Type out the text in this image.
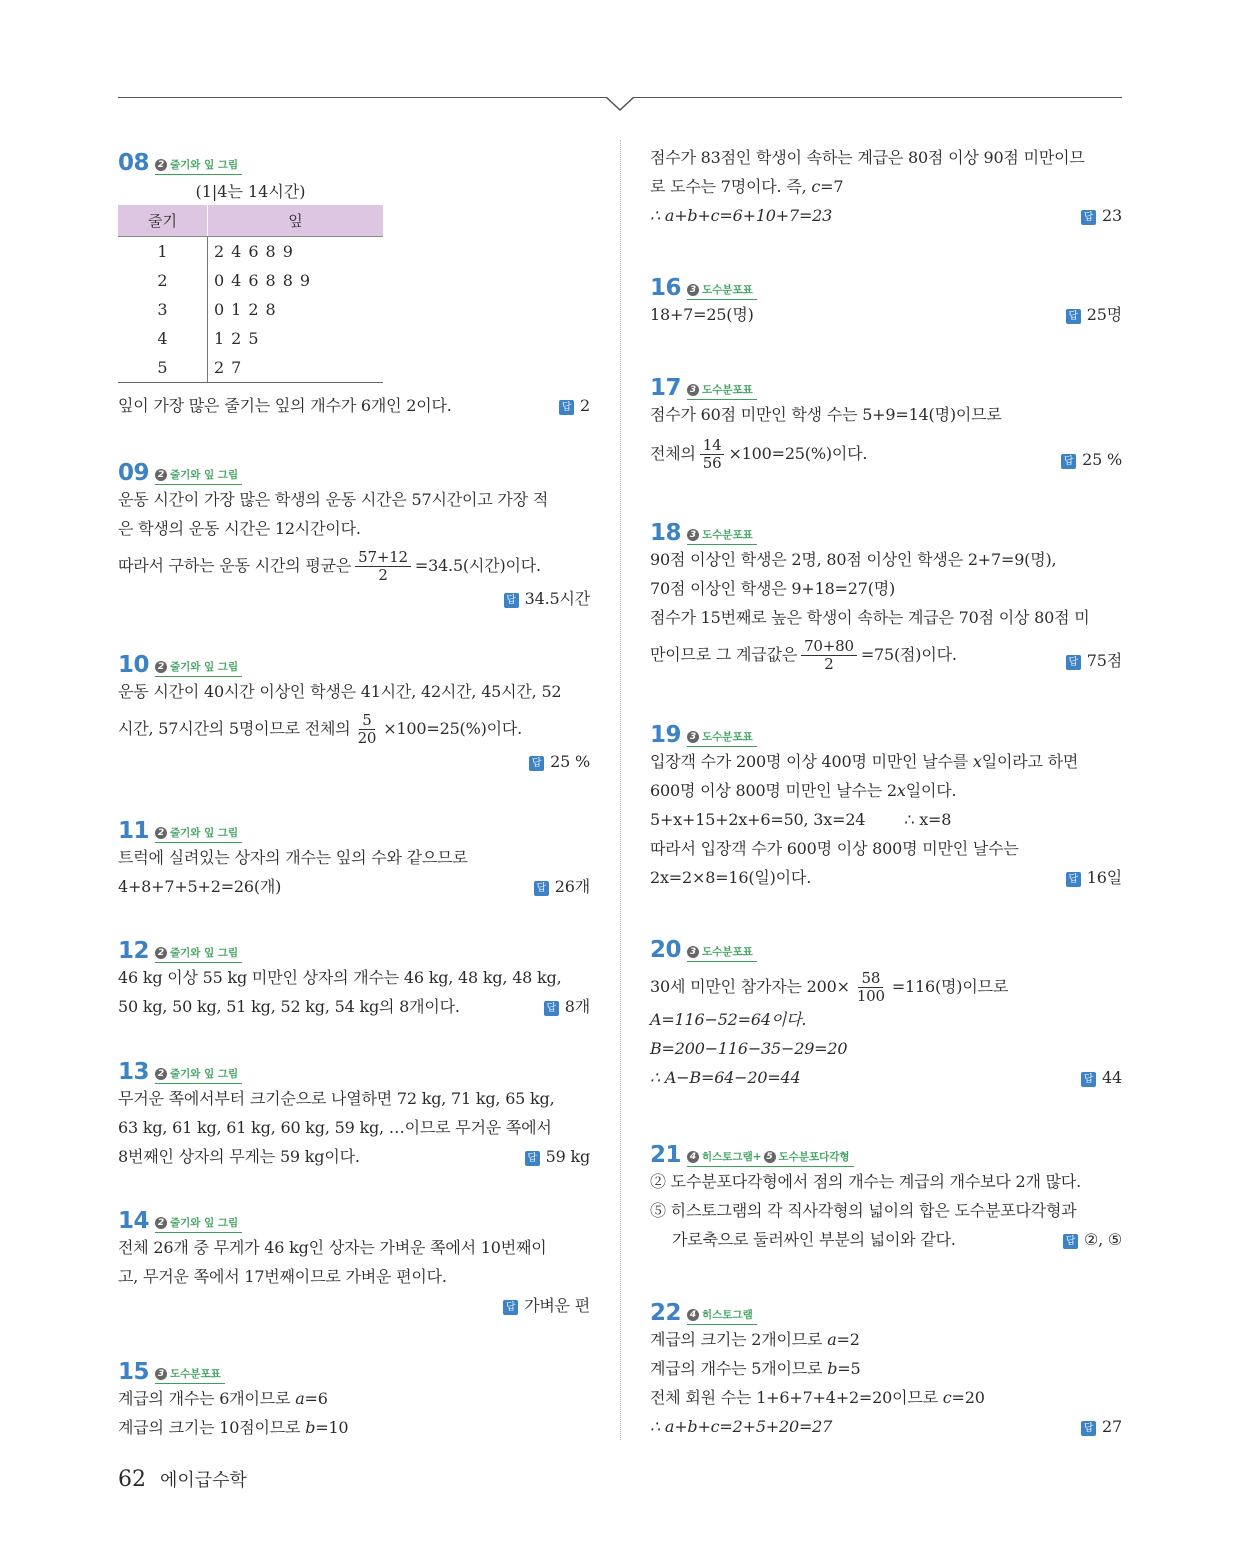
08 2 줄기와 잎 그림
(1|4는 14시간)
줄기	잎
1	24689
2	046889
3	0128
4	125
5	27
잎이 가장 많은 줄기는 잎의 개수가 6개인 2이다.	답 2
09 2 줄기와 잎 그림
운동 시간이 가장 많은 학생의 운동 시간은 57시간이고 가장 적
은 학생의 운동 시간은 12시간이다.
따라서 구하는 운동 시간의 평균은 $\frac{57+12}{2} =34.5$(시간)이다.
답 34.5시간
10 2 줄기와 잎 그림
운동 시간이 40시간 이상인 학생은 41시간, 42시간, 45시간, 52
시간, 57시간의 5명이므로 전체의 $\frac{5}{20} \times 100=25(\%)$이다.
답 25 %
11 2 줄기와 잎 그림
트럭에 실려있는 상자의 개수는 잎의 수와 같으므로
4+8+7+5+2=26(개)	답 26개
12 2 줄기와 잎 그림
46 kg 이상 55 kg 미만인 상자의 개수는 46 kg, 48 kg, 48 kg,
50 kg, 50 kg, 51 kg, 52 kg, 54 kg의 8개이다.	답 8개
13 2 줄기와 잎 그림
무거운 쪽에서부터 크기순으로 나열하면 72 kg, 71 kg, 65 kg,
63 kg, 61 kg, 61 kg, 60 kg, 59 kg, …이므로 무거운 쪽에서
8번째인 상자의 무게는 59 kg이다.	답 59 kg
14 2 줄기와 잎 그림
전체 26개 중 무게가 46 kg인 상자는 가벼운 쪽에서 10번째이
고, 무거운 쪽에서 17번째이므로 가벼운 편이다.
답 가벼운 편
15 3 도수분포표
계급의 개수는 6개이므로 a=6
계급의 크기는 10점이므로 b=10
점수가 83점인 학생이 속하는 계급은 80점 이상 90점 미만이므
로 도수는 7명이다. 즉, c=7
∴ a+b+c=6+10+7=23	답 23
16 3 도수분포표
18+7=25(명)	답 25명
17 3 도수분포표
점수가 60점 미만인 학생 수는 5+9=14(명)이므로
전체의 $\frac{14}{56} \times 100=25(\%)$이다.	답 25 %
18 3 도수분포표
90점 이상인 학생은 2명, 80점 이상인 학생은 2+7=9(명),
70점 이상인 학생은 9+18=27(명)
점수가 15번째로 높은 학생이 속하는 계급은 70점 이상 80점 미
만이므로 그 계급값은 $\frac{70+80}{2} =75$(점)이다.	답 75점
19 3 도수분포표
입장객 수가 200명 이상 400명 미만인 날수를 x일이라고 하면
600명 이상 800명 미만인 날수는 2x일이다.
5+x+15+2x+6=50, 3x=24        ∴ x=8
따라서 입장객 수가 600명 이상 800명 미만인 날수는
2x=2×8=16(일)이다.	답 16일
20 3 도수분포표
30세 미만인 참가자는 $200\times \frac{58}{100} =116$(명)이므로
A=116−52=64이다.
B=200−116−35−29=20
∴ A−B=64−20=44	답 44
21 4 히스토그램+ 5 도수분포다각형
② 도수분포다각형에서 점의 개수는 계급의 개수보다 2개 많다.
⑤ 히스토그램의 각 직사각형의 넓이의 합은 도수분포다각형과
가로축으로 둘러싸인 부분의 넓이와 같다.	답 ②, ⑤
22 4 히스토그램
계급의 크기는 2개이므로 a=2
계급의 개수는 5개이므로 b=5
전체 회원 수는 1+6+7+4+2=20이므로 c=20
∴ a+b+c=2+5+20=27	답 27
62 에이급수학
